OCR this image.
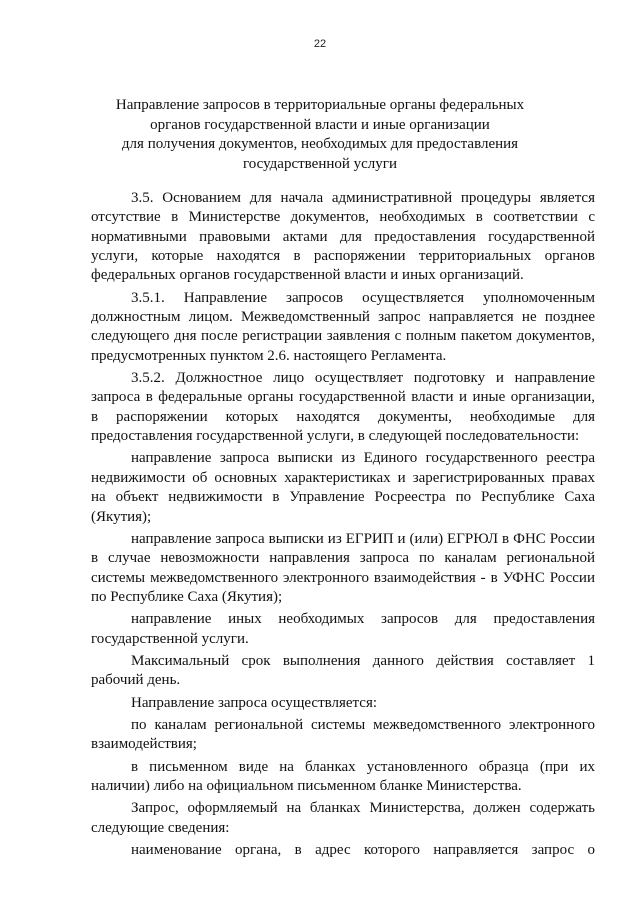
22
Направление запросов в территориальные органы федеральных
органов государственной власти и иные организации
для получения документов, необходимых для предоставления
государственной услуги
3.5. Основанием для начала административной процедуры является
отсутствие в Министерстве документов, необходимых в соответствии с
нормативными правовыми актами для предоставления государственной
услуги, которые находятся в распоряжении территориальных органов
федеральных органов государственной власти и иных организаций.
3.5.1. Направление запросов осуществляется уполномоченным
должностным лицом. Межведомственный запрос направляется не позднее
следующего дня после регистрации заявления с полным пакетом документов,
предусмотренных пунктом 2.6. настоящего Регламента.
3.5.2. Должностное лицо осуществляет подготовку и направление
запроса в федеральные органы государственной власти и иные организации,
в распоряжении которых находятся документы, необходимые для
предоставления государственной услуги, в следующей последовательности:
направление запроса выписки из Единого государственного реестра
недвижимости об основных характеристиках и зарегистрированных правах
на объект недвижимости в Управление Росреестра по Республике Саха
(Якутия);
направление запроса выписки из ЕГРИП и (или) ЕГРЮЛ в ФНС России
в случае невозможности направления запроса по каналам региональной
системы межведомственного электронного взаимодействия - в УФНС России
по Республике Саха (Якутия);
направление иных необходимых запросов для предоставления
государственной услуги.
Максимальный срок выполнения данного действия составляет 1
рабочий день.
Направление запроса осуществляется:
по каналам региональной системы межведомственного электронного
взаимодействия;
в письменном виде на бланках установленного образца (при их
наличии) либо на официальном письменном бланке Министерства.
Запрос, оформляемый на бланках Министерства, должен содержать
следующие сведения:
наименование органа, в адрес которого направляется запрос о
